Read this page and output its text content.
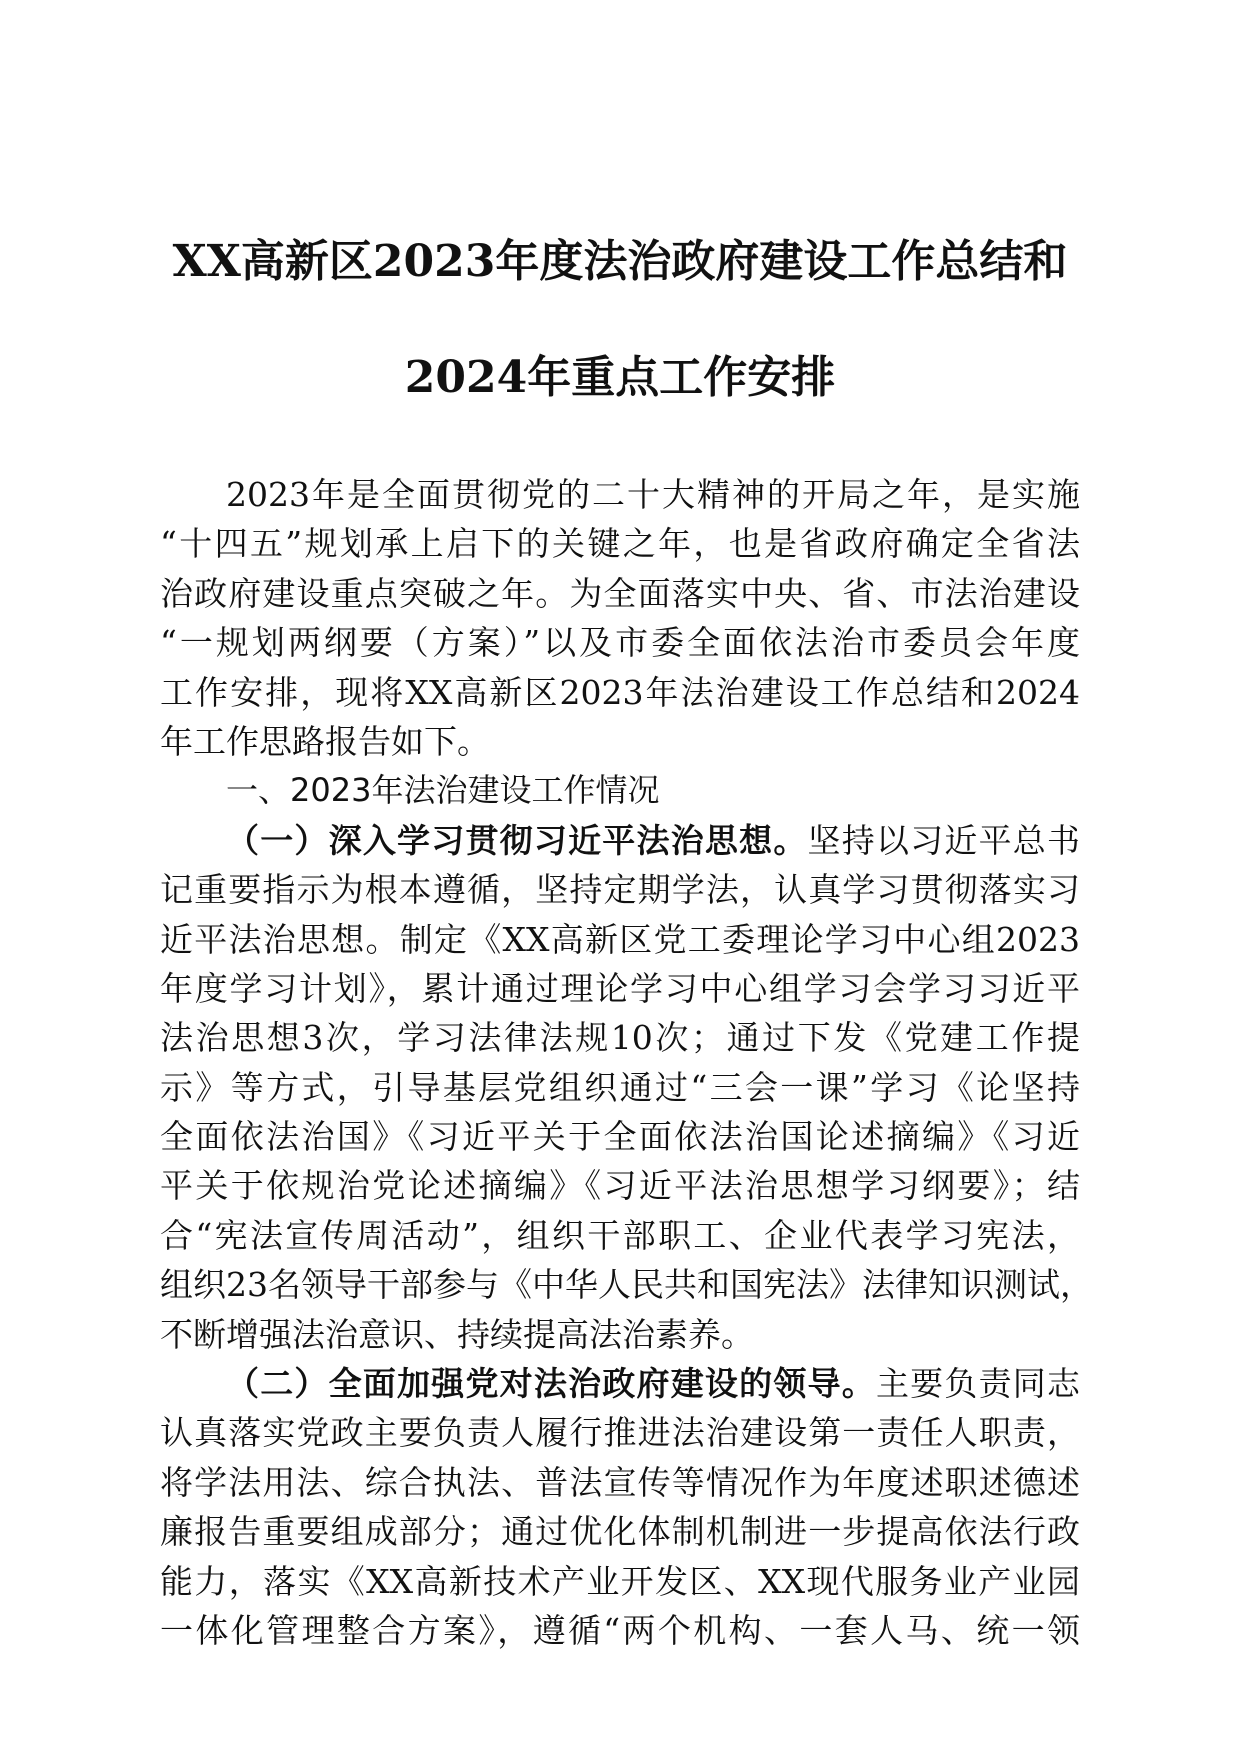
XX高新区2023年度法治政府建设工作总结和
2024年重点工作安排
2023年是全面贯彻党的二十大精神的开局之年，是实施
“十四五”规划承上启下的关键之年，也是省政府确定全省法
治政府建设重点突破之年。为全面落实中央、省、市法治建设
“一规划两纲要（方案）”以及市委全面依法治市委员会年度
工作安排，现将XX高新区2023年法治建设工作总结和2024
年工作思路报告如下。
一、2023年法治建设工作情况
（一）深入学习贯彻习近平法治思想。坚持以习近平总书
记重要指示为根本遵循，坚持定期学法，认真学习贯彻落实习
近平法治思想。制定《XX高新区党工委理论学习中心组2023
年度学习计划》，累计通过理论学习中心组学习会学习习近平
法治思想3次，学习法律法规10次；通过下发《党建工作提
示》等方式，引导基层党组织通过“三会一课”学习《论坚持
全面依法治国》《习近平关于全面依法治国论述摘编》《习近
平关于依规治党论述摘编》《习近平法治思想学习纲要》；结
合“宪法宣传周活动”，组织干部职工、企业代表学习宪法，
组织23名领导干部参与《中华人民共和国宪法》法律知识测试，
不断增强法治意识、持续提高法治素养。
（二）全面加强党对法治政府建设的领导。主要负责同志
认真落实党政主要负责人履行推进法治建设第一责任人职责，
将学法用法、综合执法、普法宣传等情况作为年度述职述德述
廉报告重要组成部分；通过优化体制机制进一步提高依法行政
能力，落实《XX高新技术产业开发区、XX现代服务业产业园
一体化管理整合方案》，遵循“两个机构、一套人马、统一领
